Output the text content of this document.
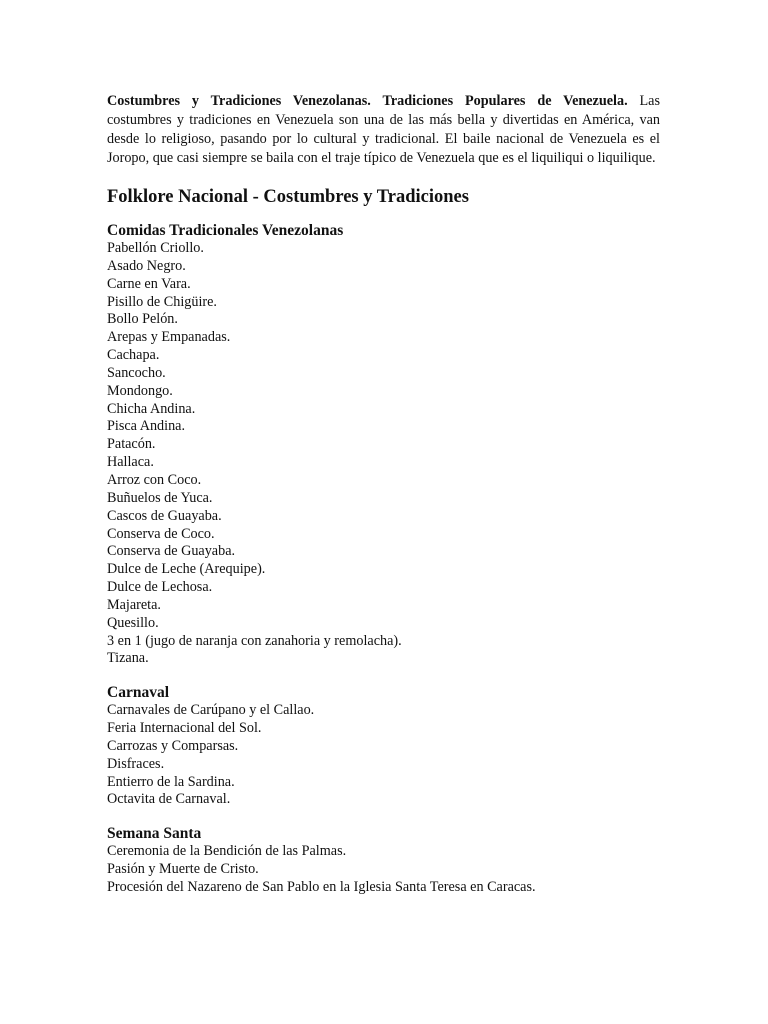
Costumbres y Tradiciones Venezolanas. Tradiciones Populares de Venezuela. Las costumbres y tradiciones en Venezuela son una de las más bella y divertidas en América, van desde lo religioso, pasando por lo cultural y tradicional. El baile nacional de Venezuela es el Joropo, que casi siempre se baila con el traje típico de Venezuela que es el liquiliqui o liquilique.

Folklore Nacional - Costumbres y Tradiciones
Comidas Tradicionales Venezolanas
Pabellón Criollo.
Asado Negro.
Carne en Vara.
Pisillo de Chigüire.
Bollo Pelón.
Arepas y Empanadas.
Cachapa.
Sancocho.
Mondongo.
Chicha Andina.
Pisca Andina.
Patacón.
Hallaca.
Arroz con Coco.
Buñuelos de Yuca.
Cascos de Guayaba.
Conserva de Coco.
Conserva de Guayaba.
Dulce de Leche (Arequipe).
Dulce de Lechosa.
Majareta.
Quesillo.
3 en 1 (jugo de naranja con zanahoria y remolacha).
Tizana.
Carnaval
Carnavales de Carúpano y el Callao.
Feria Internacional del Sol.
Carrozas y Comparsas.
Disfraces.
Entierro de la Sardina.
Octavita de Carnaval.
Semana Santa
Ceremonia de la Bendición de las Palmas.
Pasión y Muerte de Cristo.
Procesión del Nazareno de San Pablo en la Iglesia Santa Teresa en Caracas.
